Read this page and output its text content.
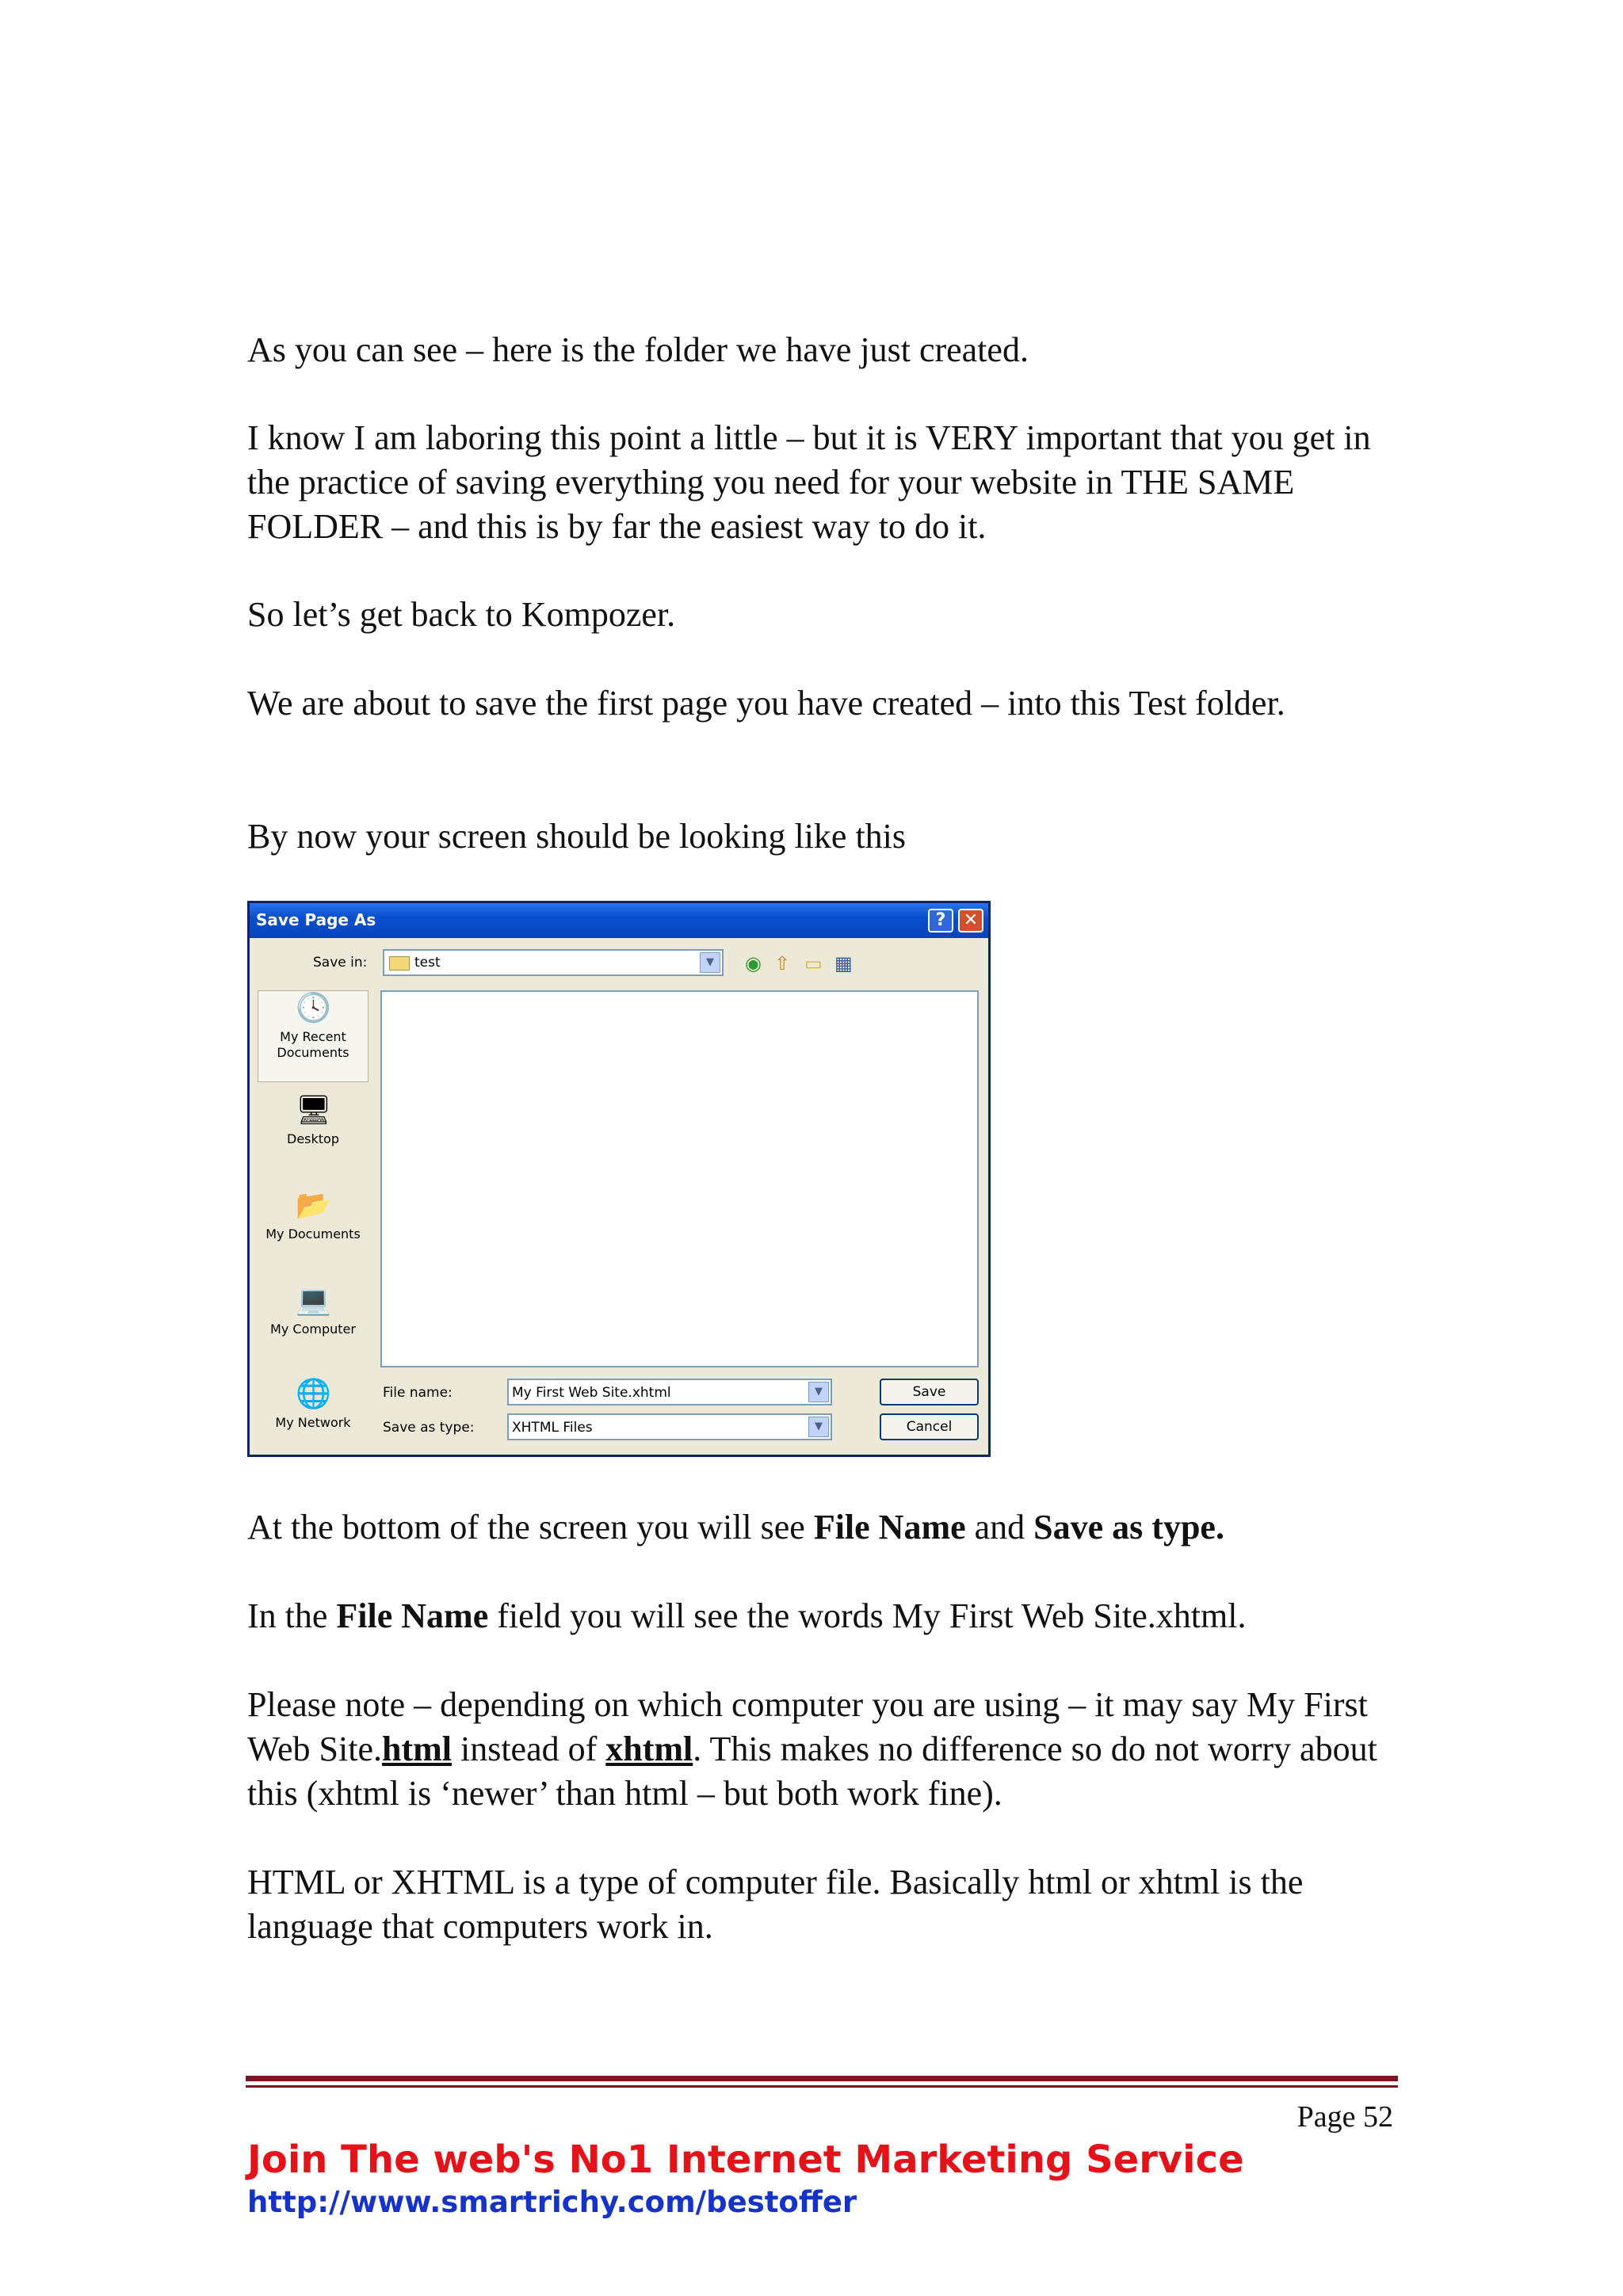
As you can see – here is the folder we have just created.

I know I am laboring this point a little – but it is VERY important that you get in the practice of saving everything you need for your website in THE SAME FOLDER – and this is by far the easiest way to do it.

So let’s get back to Kompozer.

We are about to save the first page you have created – into this Test folder.

By now your screen should be looking like this

Save Page As	?	✕
Save in:	test	▼	◉ ⇧ ▭ ▦
🕓
My Recent Documents
🖥
Desktop
📂
My Documents
💻
My Computer
🌐
My Network
File name:	My First Web Site.xhtml	▼	Save
Save as type:	XHTML Files	▼	Cancel

At the bottom of the screen you will see File Name and Save as type.

In the File Name field you will see the words My First Web Site.xhtml.

Please note – depending on which computer you are using – it may say My First Web Site.html instead of xhtml. This makes no difference so do not worry about this (xhtml is ‘newer’ than html – but both work fine).

HTML or XHTML is a type of computer file. Basically html or xhtml is the language that computers work in.

Page 52
Join The web's No1 Internet Marketing Service
http://www.smartrichy.com/bestoffer
